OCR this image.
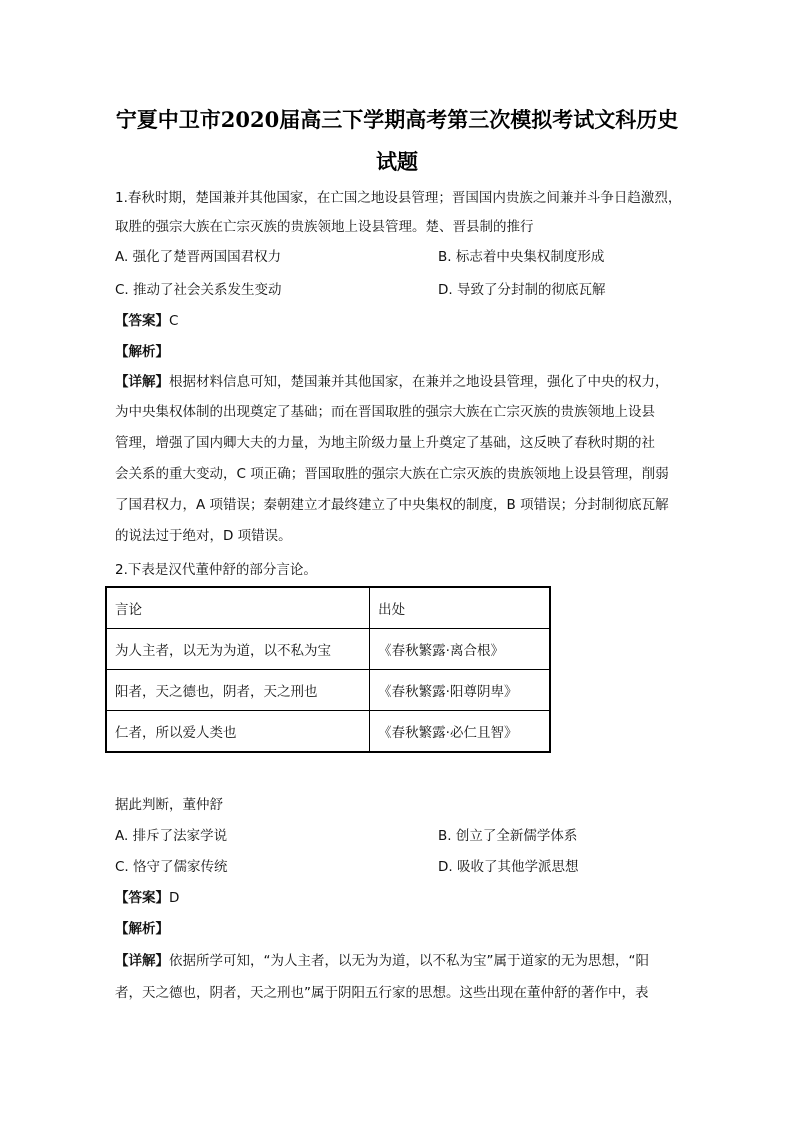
宁夏中卫市2020届高三下学期高考第三次模拟考试文科历史
试题
1.春秋时期，楚国兼并其他国家，在亡国之地设县管理；晋国国内贵族之间兼并斗争日趋激烈，
取胜的强宗大族在亡宗灭族的贵族领地上设县管理。楚、晋县制的推行
A. 强化了楚晋两国国君权力	B. 标志着中央集权制度形成
C. 推动了社会关系发生变动	D. 导致了分封制的彻底瓦解
【答案】C
【解析】
【详解】根据材料信息可知，楚国兼并其他国家，在兼并之地设县管理，强化了中央的权力，
为中央集权体制的出现奠定了基础；而在晋国取胜的强宗大族在亡宗灭族的贵族领地上设县
管理，增强了国内卿大夫的力量，为地主阶级力量上升奠定了基础，这反映了春秋时期的社
会关系的重大变动，C 项正确；晋国取胜的强宗大族在亡宗灭族的贵族领地上设县管理，削弱
了国君权力，A 项错误；秦朝建立才最终建立了中央集权的制度，B 项错误；分封制彻底瓦解
的说法过于绝对，D 项错误。
2.下表是汉代董仲舒的部分言论。
言论	出处
为人主者，以无为为道，以不私为宝	《春秋繁露·离合根》
阳者，天之德也，阴者，天之刑也	《春秋繁露·阳尊阴卑》
仁者，所以爱人类也	《春秋繁露·必仁且智》
据此判断，董仲舒
A. 排斥了法家学说	B. 创立了全新儒学体系
C. 恪守了儒家传统	D. 吸收了其他学派思想
【答案】D
【解析】
【详解】依据所学可知，“为人主者，以无为为道，以不私为宝”属于道家的无为思想，“阳
者，天之德也，阴者，天之刑也”属于阴阳五行家的思想。这些出现在董仲舒的著作中，表
